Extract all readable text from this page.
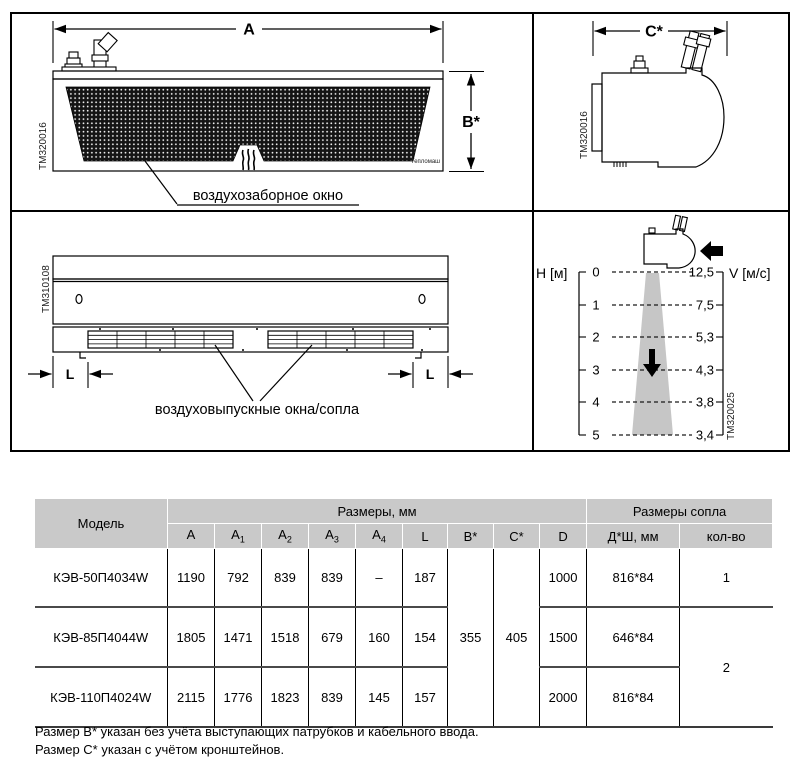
A
Тепломаш
B*
ТМ320016
воздухозаборное окно
C*
ТМ320016
L	L
воздуховыпускные окна/сопла
ТМ310108	H [м]	V [м/с]
0
1
2
3
4
5
12,5
7,5
5,3
4,3
3,8
3,4 ТМ320025
Модель	Размеры, мм									Размеры сопла	
	A	$A_1$	$A_2$	$A_3$	$A_4$	L	B*	C*	D	Д*Ш, мм	кол-во
КЭВ-50П4034W	1190	792	839	839	–	187	355	405	1000	816*84	1
КЭВ-85П4044W	1805	1471	1518	679	160	154			1500	646*84	2
КЭВ-110П4024W	2115	1776	1823	839	145	157			2000	816*84	
Размер B* указан без учёта выступающих патрубков и кабельного ввода.
Размер C* указан с учётом кронштейнов.
